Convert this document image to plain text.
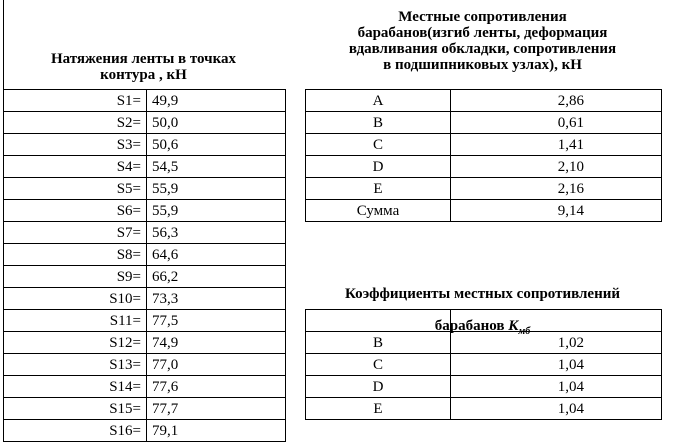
Натяжения ленты в точках
контура , кН
S1=	49,9
S2=	50,0
S3=	50,6
S4=	54,5
S5=	55,9
S6=	55,9
S7=	56,3
S8=	64,6
S9=	66,2
S10=	73,3
S11=	77,5
S12=	74,9
S13=	77,0
S14=	77,6
S15=	77,7
S16=	79,1
Местные сопротивления
барабанов(изгиб ленты, деформация
вдавливания обкладки, сопротивления
в подшипниковых узлах), кН
A	2,86
B	0,61
C	1,41
D	2,10
E	2,16
Сумма	9,14

Коэффициенты местных сопротивлений

барабанов $К_{мб}$

B	1,02
C	1,04
D	1,04
E	1,04
